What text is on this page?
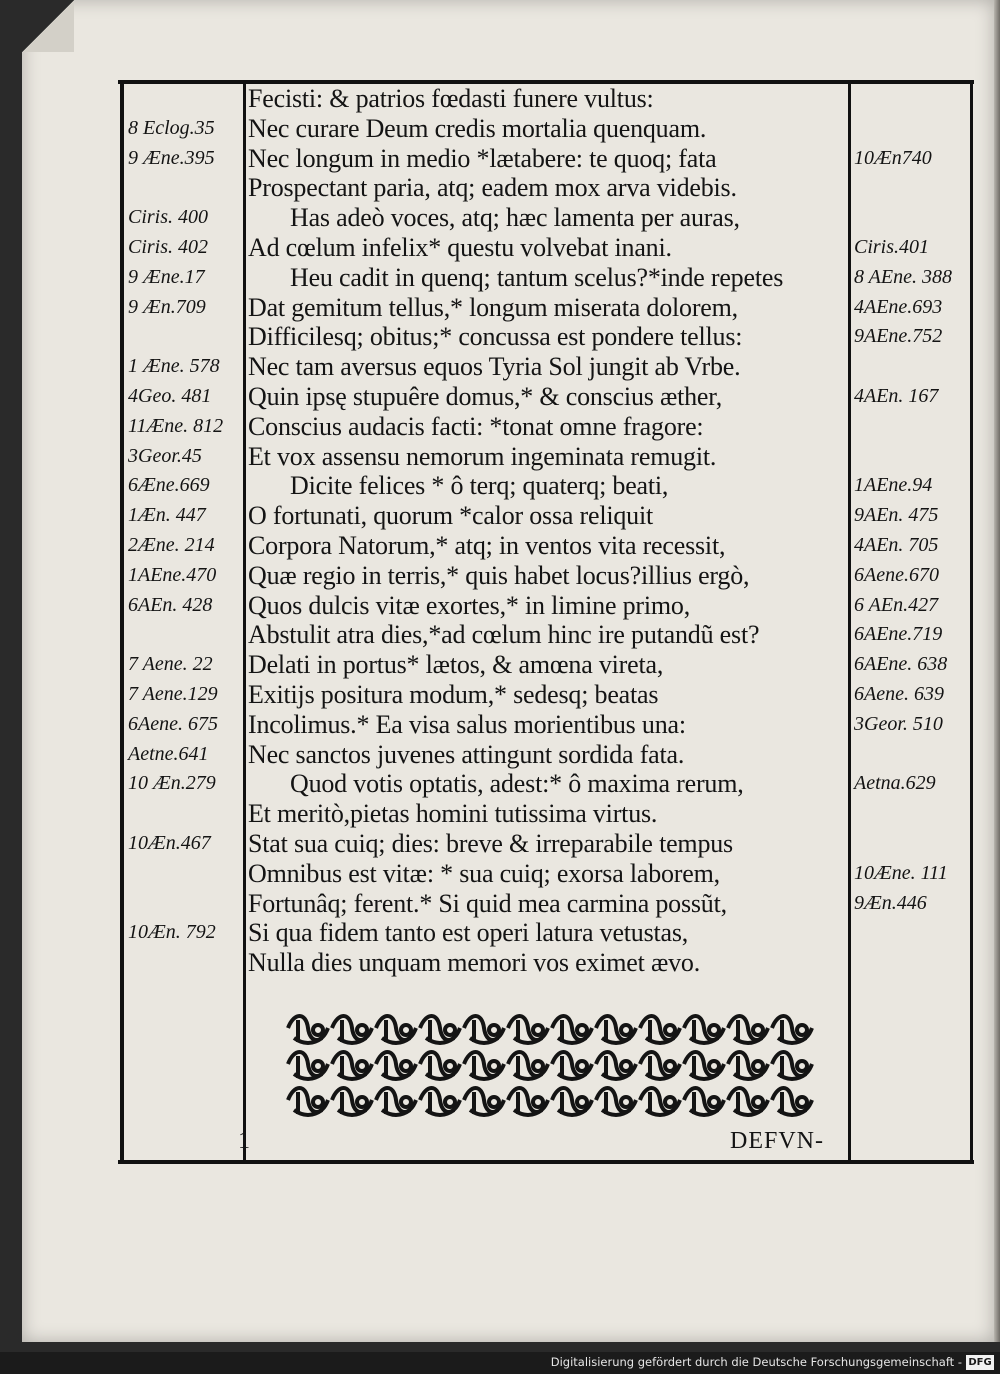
8 Eclog.35
9 Æne.395
Ciris. 400
Ciris. 402
9 Æne.17
9 Æn.709
1 Æne. 578
4Geo. 481
11Æne. 812
3Geor.45
6Æne.669
1Æn. 447
2Æne. 214
1AEne.470
6AEn. 428
7 Aene. 22
7 Aene.129
6Aene. 675
Aetne.641
10 Æn.279
10Æn.467
10Æn. 792
Fecisti: & patrios fœdasti funere vultus:
Nec curare Deum credis mortalia quenquam.
Nec longum in medio *lætabere: te quoq; fata
Prospectant paria, atq; eadem mox arva videbis.
Has adeò voces, atq; hæc lamenta per auras,
Ad cœlum infelix* questu volvebat inani.
Heu cadit in quenq; tantum scelus?*inde repetes
Dat gemitum tellus,* longum miserata dolorem,
Difficilesq; obitus;* concussa est pondere tellus:
Nec tam aversus equos Tyria Sol jungit ab Vrbe.
Quin ipsę stupuêre domus,* & conscius æther,
Conscius audacis facti: *tonat omne fragore:
Et vox assensu nemorum ingeminata remugit.
Dicite felices * ô terq; quaterq; beati,
O fortunati, quorum *calor ossa reliquit
Corpora Natorum,* atq; in ventos vita recessit,
Quæ regio in terris,* quis habet locus?illius ergò,
Quos dulcis vitæ exortes,* in limine primo,
Abstulit atra dies,*ad cœlum hinc ire putandũ est?
Delati in portus* lætos, & amœna vireta,
Exitijs positura modum,* sedesq; beatas
Incolimus.* Ea visa salus morientibus una:
Nec sanctos juvenes attingunt sordida fata.
Quod votis optatis, adest:* ô maxima rerum,
Et meritò,pietas homini tutissima virtus.
Stat sua cuiq; dies: breve & irreparabile tempus
Omnibus est vitæ: * sua cuiq; exorsa laborem,
Fortunâq; ferent.* Si quid mea carmina possũt,
Si qua fidem tanto est operi latura vetustas,
Nulla dies unquam memori vos eximet ævo.
10Æn740
Ciris.401
8 AEne. 388
4AEne.693
9AEne.752
4AEn. 167
1AEne.94
9AEn. 475
4AEn. 705
6Aene.670
6 AEn.427
6AEne.719
6AEne. 638
6Aene. 639
3Geor. 510
Aetna.629
10Æne. 111
9Æn.446
1	DEFVN-
Digitalisierung gefördert durch die Deutsche Forschungsgemeinschaft - DFG
